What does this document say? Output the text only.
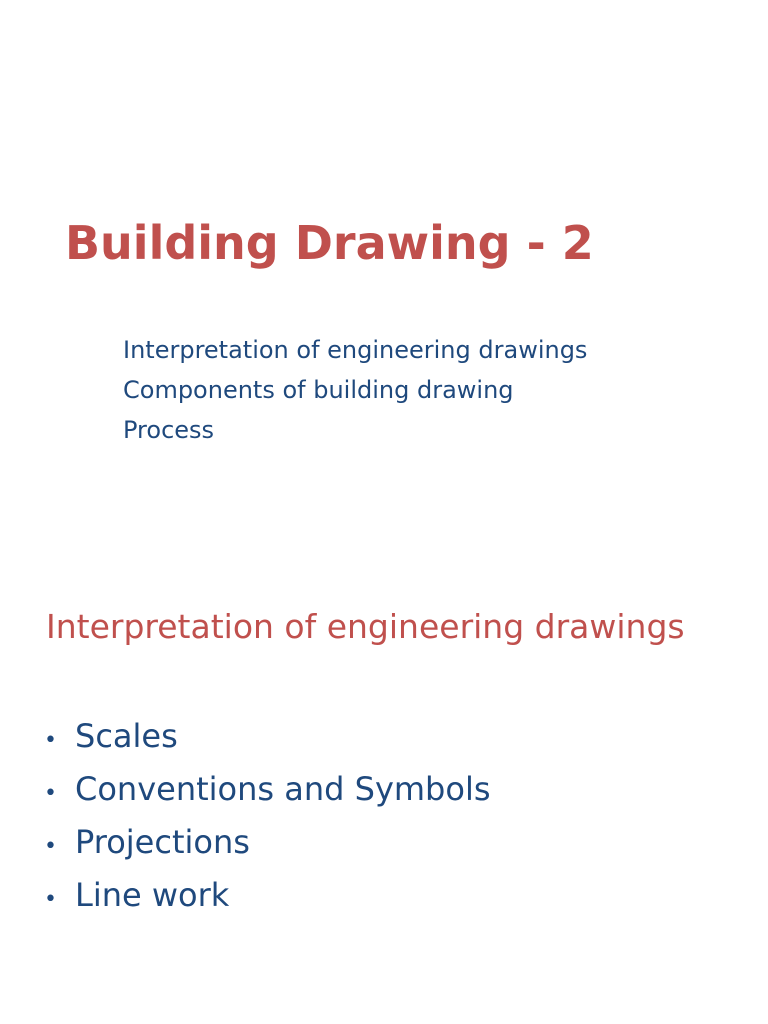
Building Drawing - 2
Interpretation of engineering drawings
Components of building drawing
Process
Interpretation of engineering drawings
• Scales
• Conventions and Symbols
• Projections
• Line work
